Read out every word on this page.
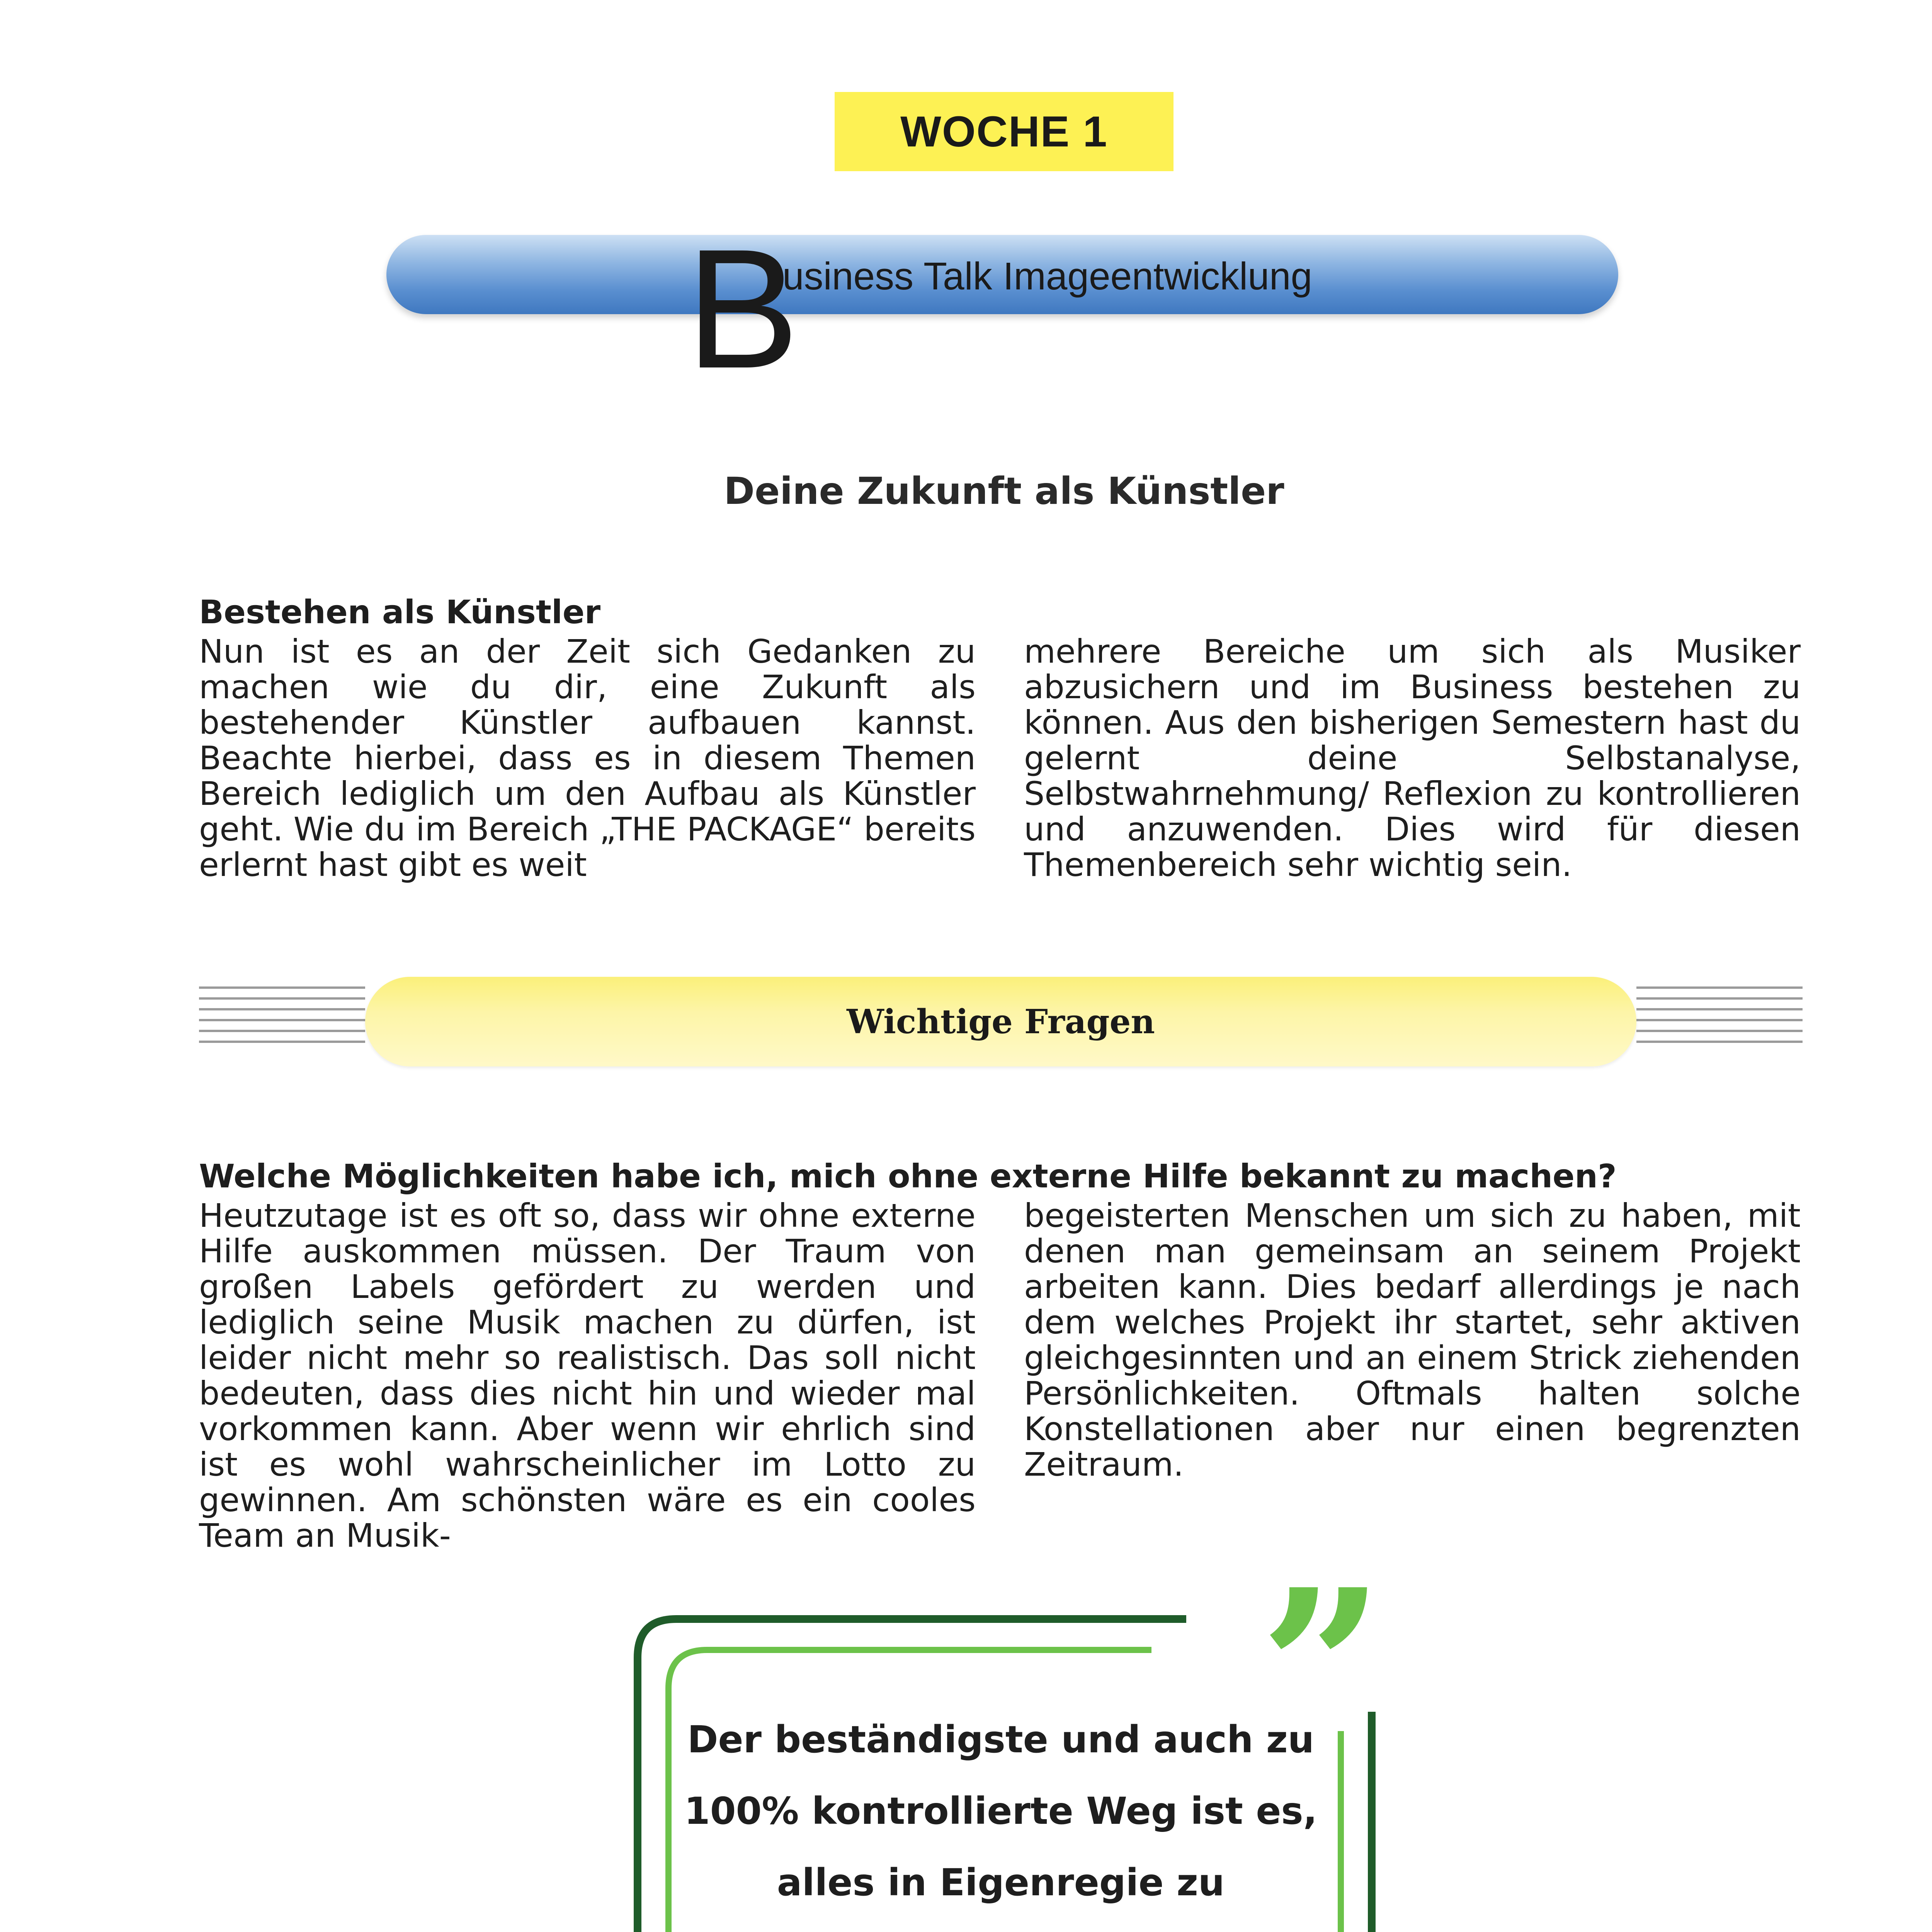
WOCHE 1
B
usiness Talk Imageentwicklung
Deine Zukunft als Künstler
Bestehen als Künstler
Nun ist es an der Zeit sich Gedanken zu machen wie du dir, eine Zukunft als bestehender Künstler aufbauen kannst. Beachte hierbei, dass es in diesem Themen Bereich lediglich um den Aufbau als Künstler geht. Wie du im Bereich „THE PACKAGE“ bereits erlernt hast gibt es weit
mehrere Bereiche um sich als Musiker abzusichern und im Business bestehen zu können. Aus den bisherigen Semestern hast du gelernt deine Selbstanalyse, Selbstwahrnehmung/ Reflexion zu kontrollieren und anzuwenden. Dies wird für diesen Themenbereich sehr wichtig sein.
Wichtige Fragen
Welche Möglichkeiten habe ich, mich ohne externe Hilfe bekannt zu machen?
Heutzutage ist es oft so, dass wir ohne externe Hilfe auskommen müssen. Der Traum von großen Labels gefördert zu werden und lediglich seine Musik machen zu dürfen, ist leider nicht mehr so realistisch. Das soll nicht bedeuten, dass dies nicht hin und wieder mal vorkommen kann. Aber wenn wir ehrlich sind ist es wohl wahrscheinlicher im Lotto zu gewinnen. Am schönsten wäre es ein cooles Team an Musik-
begeisterten Menschen um sich zu haben, mit denen man gemeinsam an seinem Projekt arbeiten kann. Dies bedarf allerdings je nach dem welches Projekt ihr startet, sehr aktiven gleichgesinnten und an einem Strick ziehenden Persönlichkeiten. Oftmals halten solche Konstellationen aber nur einen begrenzten Zeitraum.
”
Der beständigste und auch zu
100% kontrollierte Weg ist es,
alles in Eigenregie zu
